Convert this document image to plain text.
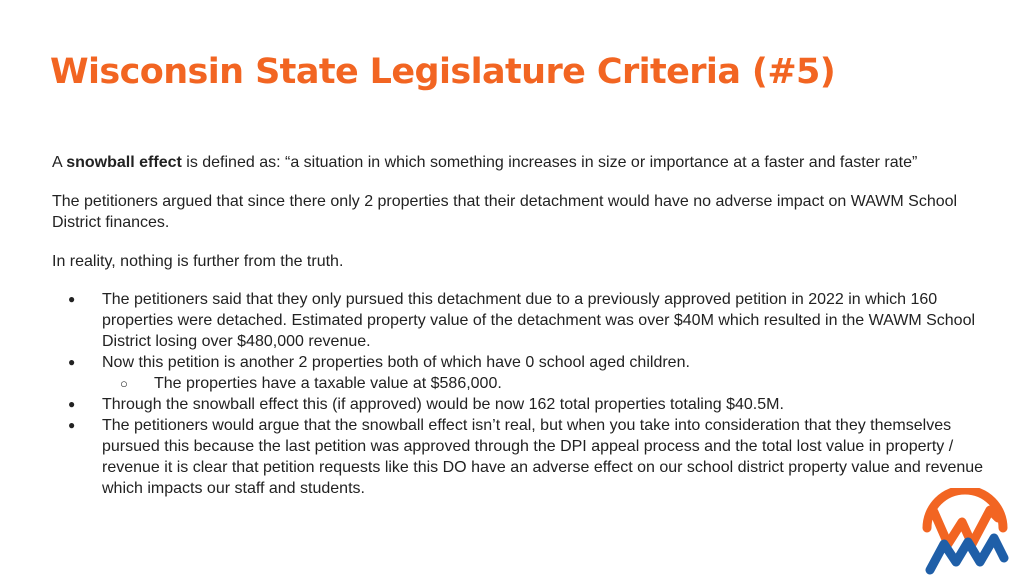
Wisconsin State Legislature Criteria (#5)

A snowball effect is defined as: “a situation in which something increases in size or importance at a faster and faster rate”

The petitioners argued that since there only 2 properties that their detachment would have no adverse impact on WAWM School District finances.

In reality, nothing is further from the truth.

● The petitioners said that they only pursued this detachment due to a previously approved petition in 2022 in which 160 properties were detached. Estimated property value of the detachment was over $40M which resulted in the WAWM School District losing over $480,000 revenue.
● Now this petition is another 2 properties both of which have 0 school aged children.
○ The properties have a taxable value at $586,000.
● Through the snowball effect this (if approved) would be now 162 total properties totaling $40.5M.
● The petitioners would argue that the snowball effect isn’t real, but when you take into consideration that they themselves pursued this because the last petition was approved through the DPI appeal process and the total lost value in property / revenue it is clear that petition requests like this DO have an adverse effect on our school district property value and revenue which impacts our staff and students.
